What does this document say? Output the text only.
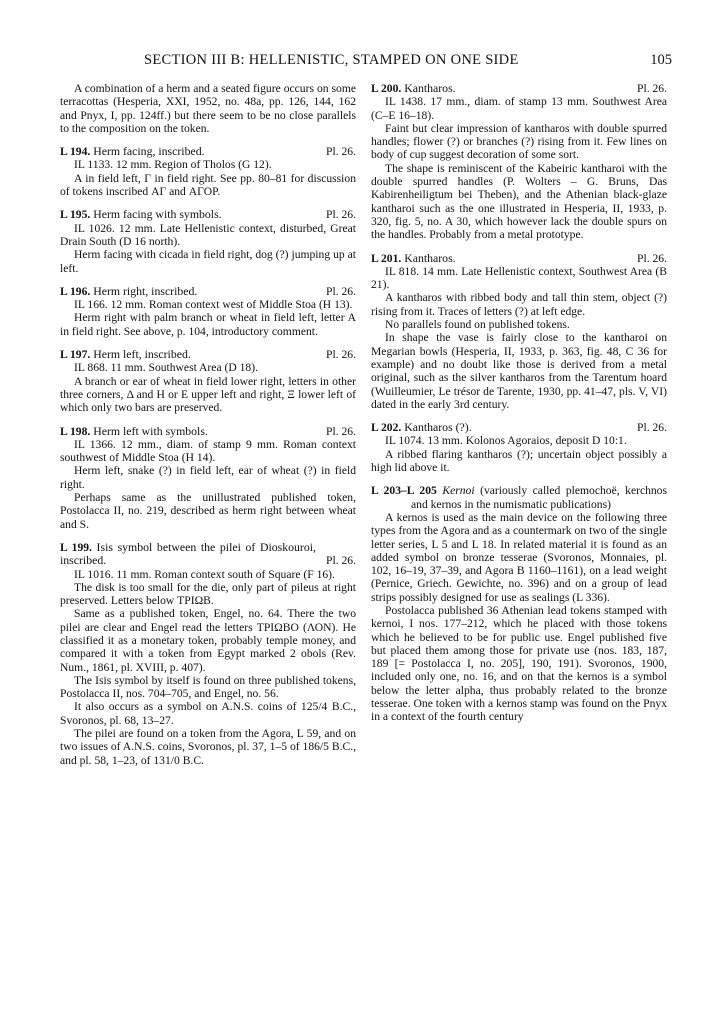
SECTION III B: HELLENISTIC, STAMPED ON ONE SIDE	105

A combination of a herm and a seated figure occurs on some terracottas (Hesperia, XXI, 1952, no. 48a, pp. 126, 144, 162 and Pnyx, I, pp. 124ff.) but there seem to be no close parallels to the composition on the token.

L 194. Herm facing, inscribed.	Pl. 26.

IL 1133. 12 mm. Region of Tholos (G 12).

A in field left, Γ in field right. See pp. 80–81 for discussion of tokens inscribed ΑΓ and ΑΓΟΡ.

L 195. Herm facing with symbols.	Pl. 26.

IL 1026. 12 mm. Late Hellenistic context, disturbed, Great Drain South (D 16 north).

Herm facing with cicada in field right, dog (?) jumping up at left.

L 196. Herm right, inscribed.	Pl. 26.

IL 166. 12 mm. Roman context west of Middle Stoa (H 13).

Herm right with palm branch or wheat in field left, letter A in field right. See above, p. 104, introductory comment.

L 197. Herm left, inscribed.	Pl. 26.

IL 868. 11 mm. Southwest Area (D 18).

A branch or ear of wheat in field lower right, letters in other three corners, Δ and H or E upper left and right, Ξ lower left of which only two bars are preserved.

L 198. Herm left with symbols.	Pl. 26.

IL 1366. 12 mm., diam. of stamp 9 mm. Roman context southwest of Middle Stoa (H 14).

Herm left, snake (?) in field left, ear of wheat (?) in field right.

Perhaps same as the unillustrated published token, Postolacca II, no. 219, described as herm right between wheat and S.

L 199. Isis symbol between the pilei of Dioskouroi, inscribed.	Pl. 26.

IL 1016. 11 mm. Roman context south of Square (F 16).

The disk is too small for the die, only part of pileus at right preserved. Letters below ΤΡΙΩΒ.

Same as a published token, Engel, no. 64. There the two pilei are clear and Engel read the letters ΤΡΙΩΒΟ (ΛΟΝ). He classified it as a monetary token, probably temple money, and compared it with a token from Egypt marked 2 obols (Rev. Num., 1861, pl. XVIII, p. 407).

The Isis symbol by itself is found on three published tokens, Postolacca II, nos. 704–705, and Engel, no. 56.

It also occurs as a symbol on A.N.S. coins of 125/4 B.C., Svoronos, pl. 68, 13–27.

The pilei are found on a token from the Agora, L 59, and on two issues of A.N.S. coins, Svoronos, pl. 37, 1–5 of 186/5 B.C., and pl. 58, 1–23, of 131/0 B.C.

L 200. Kantharos.	Pl. 26.

IL 1438. 17 mm., diam. of stamp 13 mm. Southwest Area (C–E 16–18).

Faint but clear impression of kantharos with double spurred handles; flower (?) or branches (?) rising from it. Few lines on body of cup suggest decoration of some sort.

The shape is reminiscent of the Kabeiric kantharoi with the double spurred handles (P. Wolters – G. Bruns, Das Kabirenheiligtum bei Theben), and the Athenian black-glaze kantharoi such as the one illustrated in Hesperia, II, 1933, p. 320, fig. 5, no. A 30, which however lack the double spurs on the handles. Probably from a metal prototype.

L 201. Kantharos.	Pl. 26.

IL 818. 14 mm. Late Hellenistic context, Southwest Area (B 21).

A kantharos with ribbed body and tall thin stem, object (?) rising from it. Traces of letters (?) at left edge.

No parallels found on published tokens.

In shape the vase is fairly close to the kantharoi on Megarian bowls (Hesperia, II, 1933, p. 363, fig. 48, C 36 for example) and no doubt like those is derived from a metal original, such as the silver kantharos from the Tarentum hoard (Wuilleumier, Le trésor de Tarente, 1930, pp. 41–47, pls. V, VI) dated in the early 3rd century.

L 202. Kantharos (?).	Pl. 26.

IL 1074. 13 mm. Kolonos Agoraios, deposit D 10:1.

A ribbed flaring kantharos (?); uncertain object possibly a high lid above it.

L 203–L 205 Kernoi (variously called plemochoë, kerchnos and kernos in the numismatic publications)

A kernos is used as the main device on the following three types from the Agora and as a countermark on two of the single letter series, L 5 and L 18. In related material it is found as an added symbol on bronze tesserae (Svoronos, Monnaies, pl. 102, 16–19, 37–39, and Agora B 1160–1161), on a lead weight (Pernice, Griech. Gewichte, no. 396) and on a group of lead strips possibly designed for use as sealings (L 336).

Postolacca published 36 Athenian lead tokens stamped with kernoi, I nos. 177–212, which he placed with those tokens which he believed to be for public use. Engel published five but placed them among those for private use (nos. 183, 187, 189 [= Postolacca I, no. 205], 190, 191). Svoronos, 1900, included only one, no. 16, and on that the kernos is a symbol below the letter alpha, thus probably related to the bronze tesserae. One token with a kernos stamp was found on the Pnyx in a context of the fourth century
